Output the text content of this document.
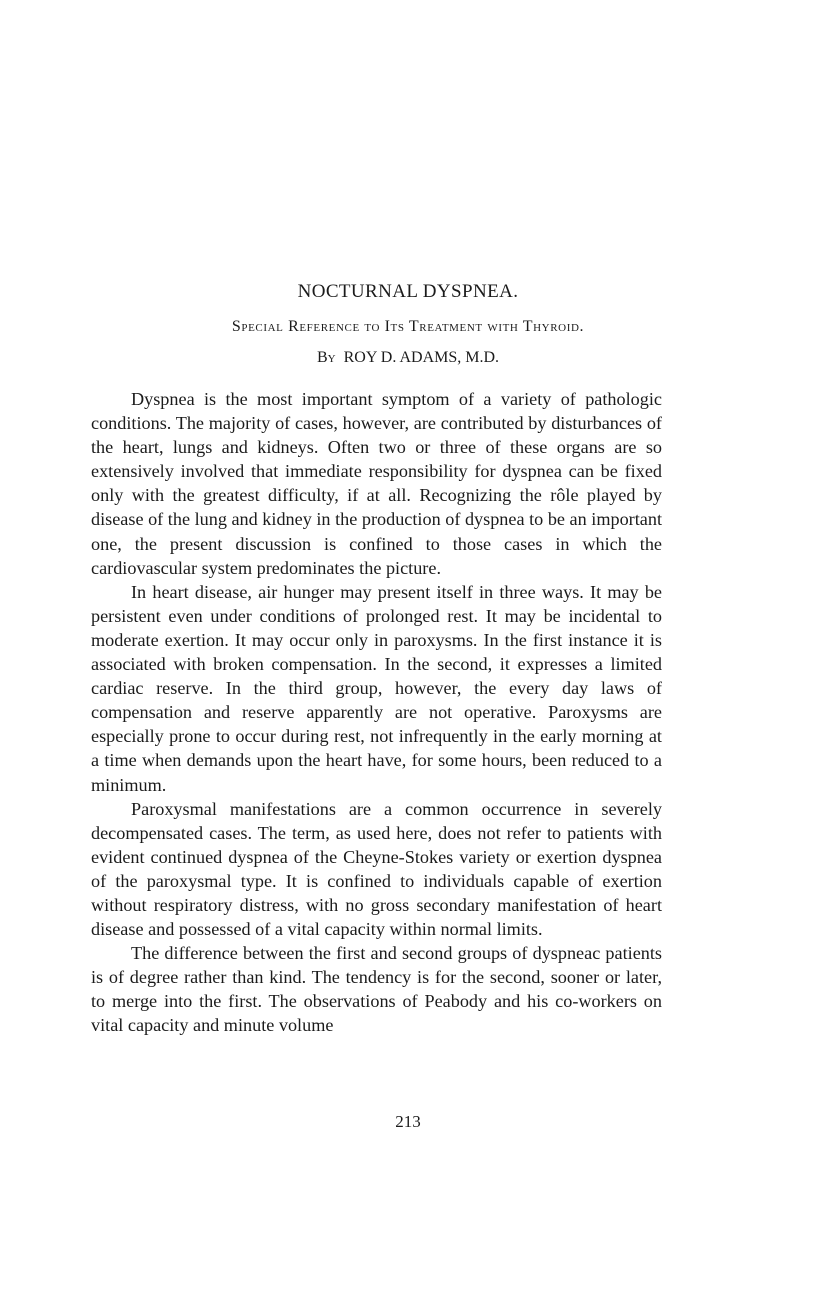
NOCTURNAL DYSPNEA.
Special Reference to Its Treatment with Thyroid.
By ROY D. ADAMS, M.D.

Dyspnea is the most important symptom of a variety of pathologic conditions. The majority of cases, however, are contributed by disturbances of the heart, lungs and kidneys. Often two or three of these organs are so extensively involved that immediate responsibility for dyspnea can be fixed only with the greatest difficulty, if at all. Recognizing the rôle played by disease of the lung and kidney in the production of dyspnea to be an important one, the present discussion is confined to those cases in which the cardiovascular system predominates the picture.

In heart disease, air hunger may present itself in three ways. It may be persistent even under conditions of prolonged rest. It may be incidental to moderate exertion. It may occur only in paroxysms. In the first instance it is associated with broken compensation. In the second, it expresses a limited cardiac reserve. In the third group, however, the every day laws of compensation and reserve apparently are not operative. Paroxysms are especially prone to occur during rest, not infrequently in the early morning at a time when demands upon the heart have, for some hours, been reduced to a minimum.

Paroxysmal manifestations are a common occurrence in severely decompensated cases. The term, as used here, does not refer to patients with evident continued dyspnea of the Cheyne-Stokes variety or exertion dyspnea of the paroxysmal type. It is confined to individuals capable of exertion without respiratory distress, with no gross secondary manifestation of heart disease and possessed of a vital capacity within normal limits.

The difference between the first and second groups of dyspneac patients is of degree rather than kind. The tendency is for the second, sooner or later, to merge into the first. The observations of Peabody and his co-workers on vital capacity and minute volume

213
